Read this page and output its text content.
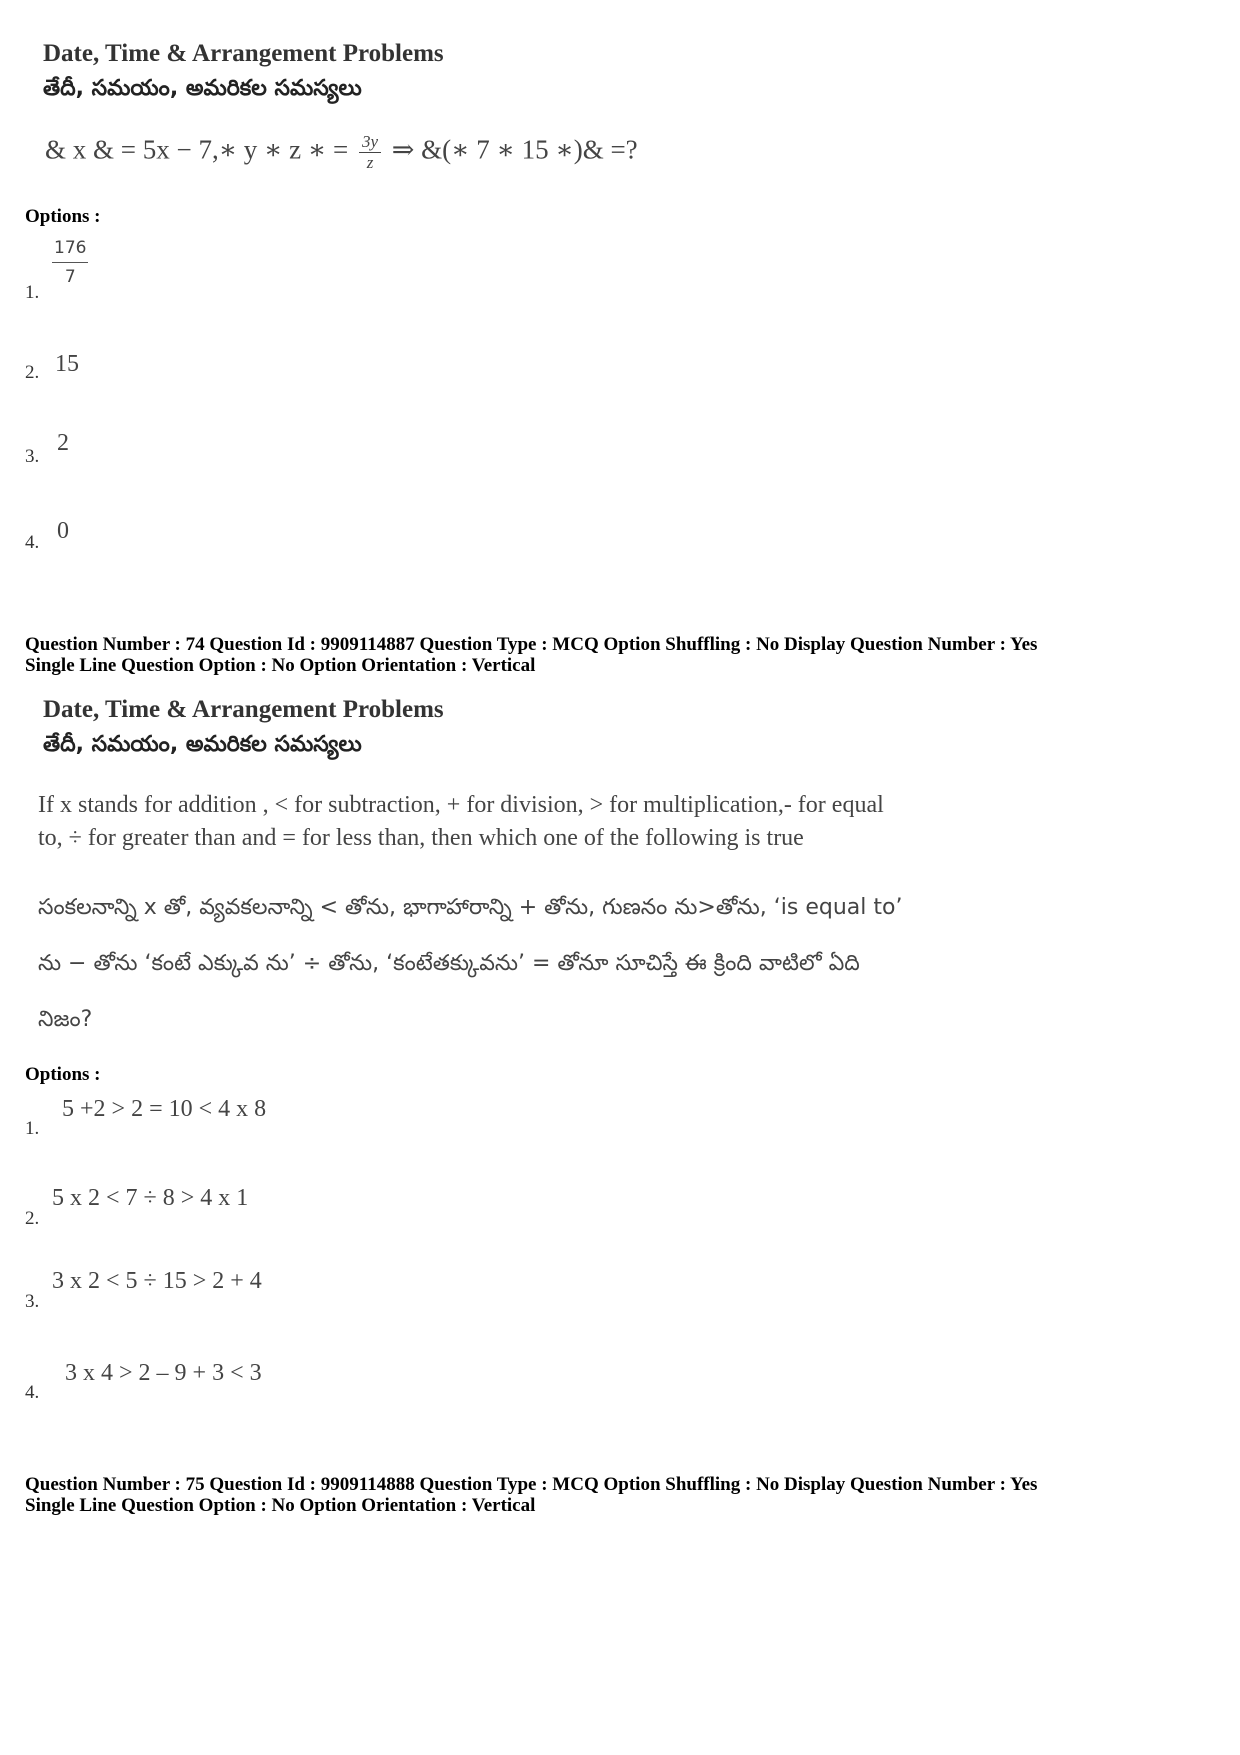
Date, Time & Arrangement Problems
తేదీ, సమయం, అమరికల సమస్యలు
& x & = 5x − 7,∗ y ∗ z ∗ = $\frac{3y}{z}$ ⇒ &(∗ 7 ∗ 15 ∗)& =?
Options :
1.
$\frac{176}{7}$
2. 15
3.
2
4. 0
Question Number : 74 Question Id : 9909114887 Question Type : MCQ Option Shuffling : No Display Question Number : Yes
Single Line Question Option : No Option Orientation : Vertical
Date, Time & Arrangement Problems
తేదీ, సమయం, అమరికల సమస్యలు
If x stands for addition , < for subtraction, + for division, > for multiplication,- for equal
to, ÷ for greater than and = for less than, then which one of the following is true
సంకలనాన్ని x తో, వ్యవకలనాన్ని < తోను, భాగాహారాన్ని + తోను, గుణనం ను>తోను, ‘is equal to’
ను − తోను ‘కంటే ఎక్కువ ను’ ÷ తోను, ‘కంటేతక్కువను’ = తోనూ సూచిస్తే ఈ క్రింది వాటిలో ఏది
నిజం?
Options :
1.
5 +2 > 2 = 10 < 4 x 8
2.
5 x 2 < 7 ÷ 8 > 4 x 1
3.
3 x 2 < 5 ÷ 15 > 2 + 4
4.
3 x 4 > 2 – 9 + 3 < 3
Question Number : 75 Question Id : 9909114888 Question Type : MCQ Option Shuffling : No Display Question Number : Yes
Single Line Question Option : No Option Orientation : Vertical
